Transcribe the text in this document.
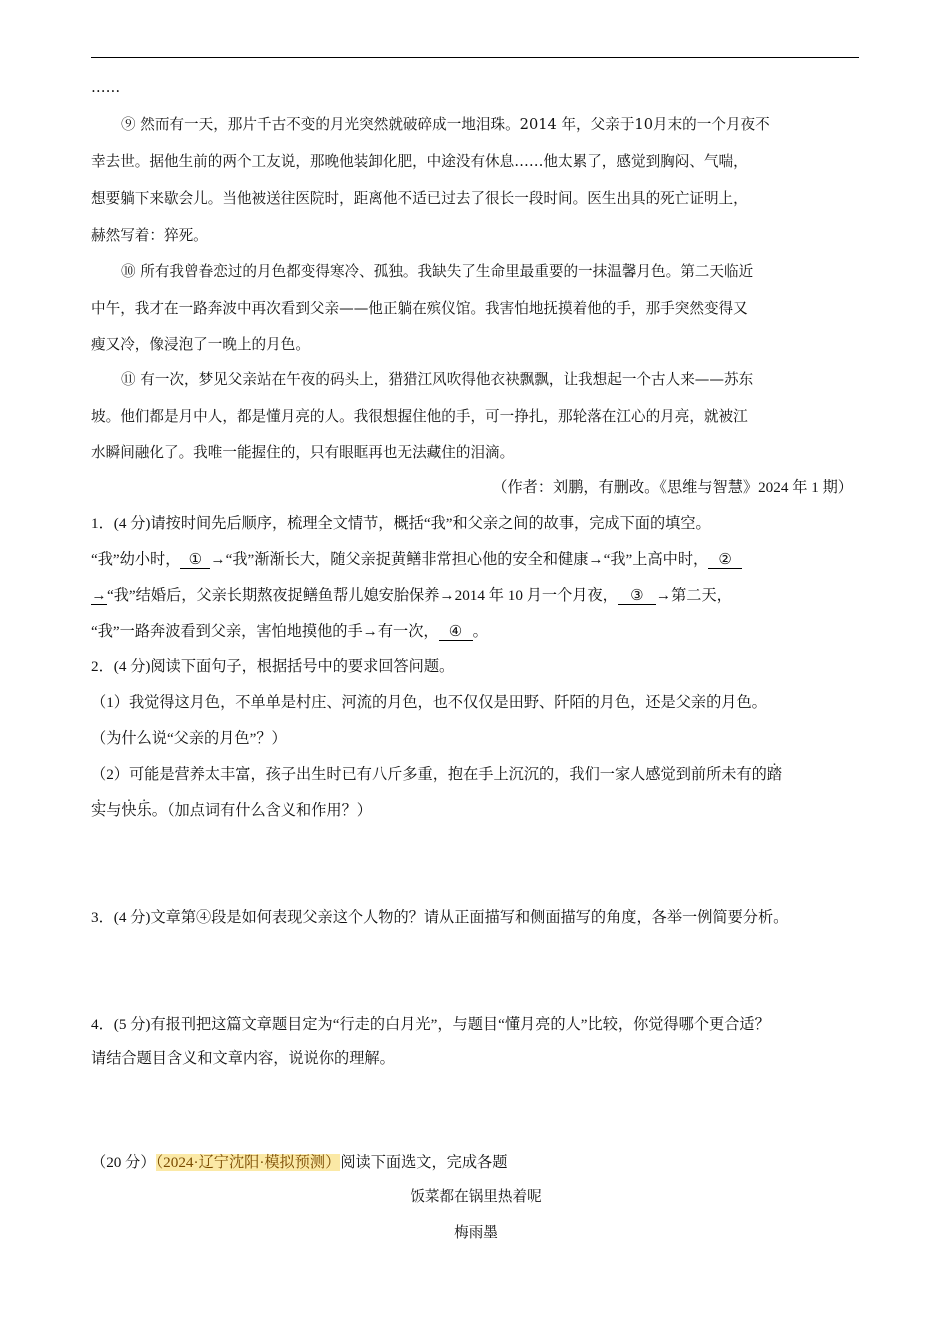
……
⑨ 然而有一天，那片千古不变的月光突然就破碎成一地泪珠。2014 年，父亲于10月末的一个月夜不
幸去世。据他生前的两个工友说，那晚他装卸化肥，中途没有休息……他太累了，感觉到胸闷、气喘，
想要躺下来歇会儿。当他被送往医院时，距离他不适已过去了很长一段时间。医生出具的死亡证明上，
赫然写着：猝死。
⑩ 所有我曾眷恋过的月色都变得寒冷、孤独。我缺失了生命里最重要的一抹温馨月色。第二天临近
中午，我才在一路奔波中再次看到父亲——他正躺在殡仪馆。我害怕地抚摸着他的手，那手突然变得又
瘦又冷，像浸泡了一晚上的月色。
⑪ 有一次，梦见父亲站在午夜的码头上，猎猎江风吹得他衣袂飘飘，让我想起一个古人来——苏东
坡。他们都是月中人，都是懂月亮的人。我很想握住他的手，可一挣扎，那轮落在江心的月亮，就被江
水瞬间融化了。我唯一能握住的，只有眼眶再也无法藏住的泪滴。
（作者：刘鹏，有删改。《思维与智慧》2024 年 1 期）
1．(4 分)请按时间先后顺序，梳理全文情节，概括“我”和父亲之间的故事，完成下面的填空。
“我”幼小时， ① →“我”渐渐长大，随父亲捉黄鳝非常担心他的安全和健康→“我”上高中时， ②
→“我”结婚后，父亲长期熬夜捉鳝鱼帮儿媳安胎保养→2014 年 10 月一个月夜， ③ →第二天，
“我”一路奔波看到父亲，害怕地摸他的手→有一次， ④ 。
2．(4 分)阅读下面句子，根据括号中的要求回答问题。
（1）我觉得这月色，不单单是村庄、河流的月色，也不仅仅是田野、阡陌的月色，还是父亲的月色。
（为什么说“父亲的月色”？）
（2）可能是营养太丰富，孩子出生时已有八斤多重，抱在手上沉沉的，我们一家人感觉到前所未有的踏
实与快乐。（加点词有什么含义和作用？）
3．(4 分)文章第④段是如何表现父亲这个人物的？请从正面描写和侧面描写的角度，各举一例简要分析。
4．(5 分)有报刊把这篇文章题目定为“行走的白月光”，与题目“懂月亮的人”比较，你觉得哪个更合适？
请结合题目含义和文章内容，说说你的理解。
（20 分）（2024·辽宁沈阳·模拟预测）阅读下面选文，完成各题
饭菜都在锅里热着呢
梅雨墨
